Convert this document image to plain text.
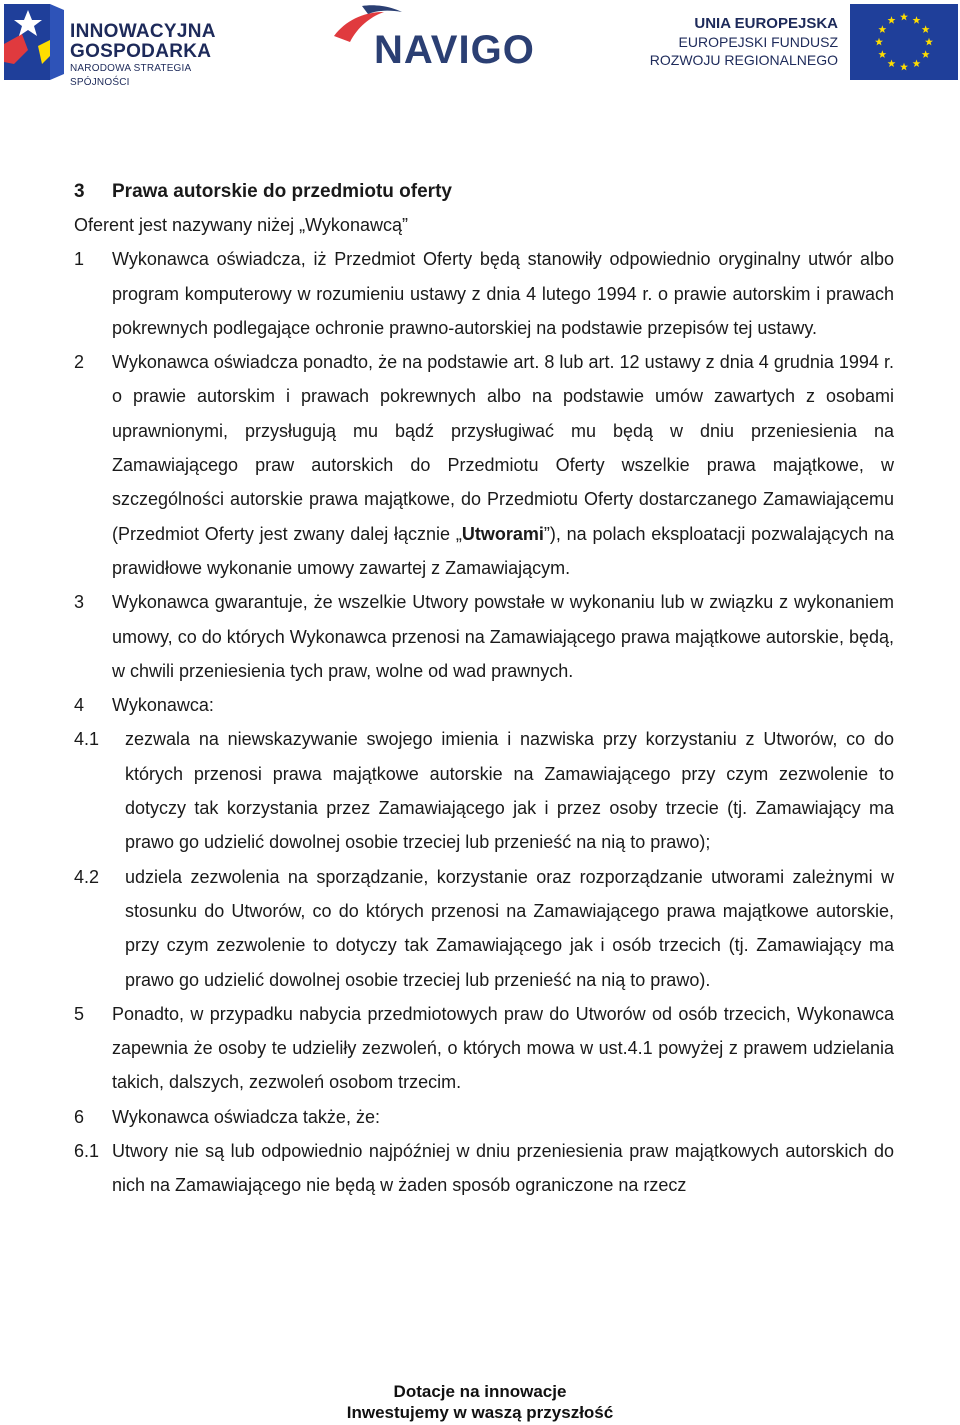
INNOWACYJNA
GOSPODARKA
NARODOWA STRATEGIA SPÓJNOŚCI
NAVIGO
UNIA EUROPEJSKA
EUROPEJSKI FUNDUSZ
ROZWOJU REGIONALNEGO
3	Prawa autorskie do przedmiotu oferty
Oferent jest nazywany niżej „Wykonawcą”
1	Wykonawca oświadcza, iż Przedmiot Oferty będą stanowiły odpowiednio oryginalny utwór albo program komputerowy w rozumieniu ustawy z dnia 4 lutego 1994 r. o prawie autorskim i prawach pokrewnych podlegające ochronie prawno-autorskiej na podstawie przepisów tej ustawy.
2	Wykonawca oświadcza ponadto, że na podstawie art. 8 lub art. 12 ustawy z dnia 4 grudnia 1994 r. o prawie autorskim i prawach pokrewnych albo na podstawie umów zawartych z osobami uprawnionymi, przysługują mu bądź przysługiwać mu będą w dniu przeniesienia na Zamawiającego praw autorskich do Przedmiotu Oferty wszelkie prawa majątkowe, w szczególności autorskie prawa majątkowe, do Przedmiotu Oferty dostarczanego Zamawiającemu (Przedmiot Oferty jest zwany dalej łącznie „Utworami”), na polach eksploatacji pozwalających na prawidłowe wykonanie umowy zawartej z Zamawiającym.
3	Wykonawca gwarantuje, że wszelkie Utwory powstałe w wykonaniu lub w związku z wykonaniem umowy, co do których Wykonawca przenosi na Zamawiającego prawa majątkowe autorskie, będą, w chwili przeniesienia tych praw, wolne od wad prawnych.
4	Wykonawca:
4.1	zezwala na niewskazywanie swojego imienia i nazwiska przy korzystaniu z Utworów, co do których przenosi prawa majątkowe autorskie na Zamawiającego przy czym zezwolenie to dotyczy tak korzystania przez Zamawiającego jak i przez osoby trzecie (tj. Zamawiający ma prawo go udzielić dowolnej osobie trzeciej lub przenieść na nią to prawo);
4.2	udziela zezwolenia na sporządzanie, korzystanie oraz rozporządzanie utworami zależnymi w stosunku do Utworów, co do których przenosi na Zamawiającego prawa majątkowe autorskie, przy czym zezwolenie to dotyczy tak Zamawiającego jak i osób trzecich (tj. Zamawiający ma prawo go udzielić dowolnej osobie trzeciej lub przenieść na nią to prawo).
5	Ponadto, w przypadku nabycia przedmiotowych praw do Utworów od osób trzecich, Wykonawca zapewnia że osoby te udzieliły zezwoleń, o których mowa w ust.4.1 powyżej z prawem udzielania takich, dalszych, zezwoleń osobom trzecim.
6	Wykonawca oświadcza także, że:
6.1 Utwory nie są lub odpowiednio najpóźniej w dniu przeniesienia praw majątkowych autorskich do nich na Zamawiającego nie będą w żaden sposób ograniczone na rzecz
Dotacje na innowacje
Inwestujemy w waszą przyszłość
